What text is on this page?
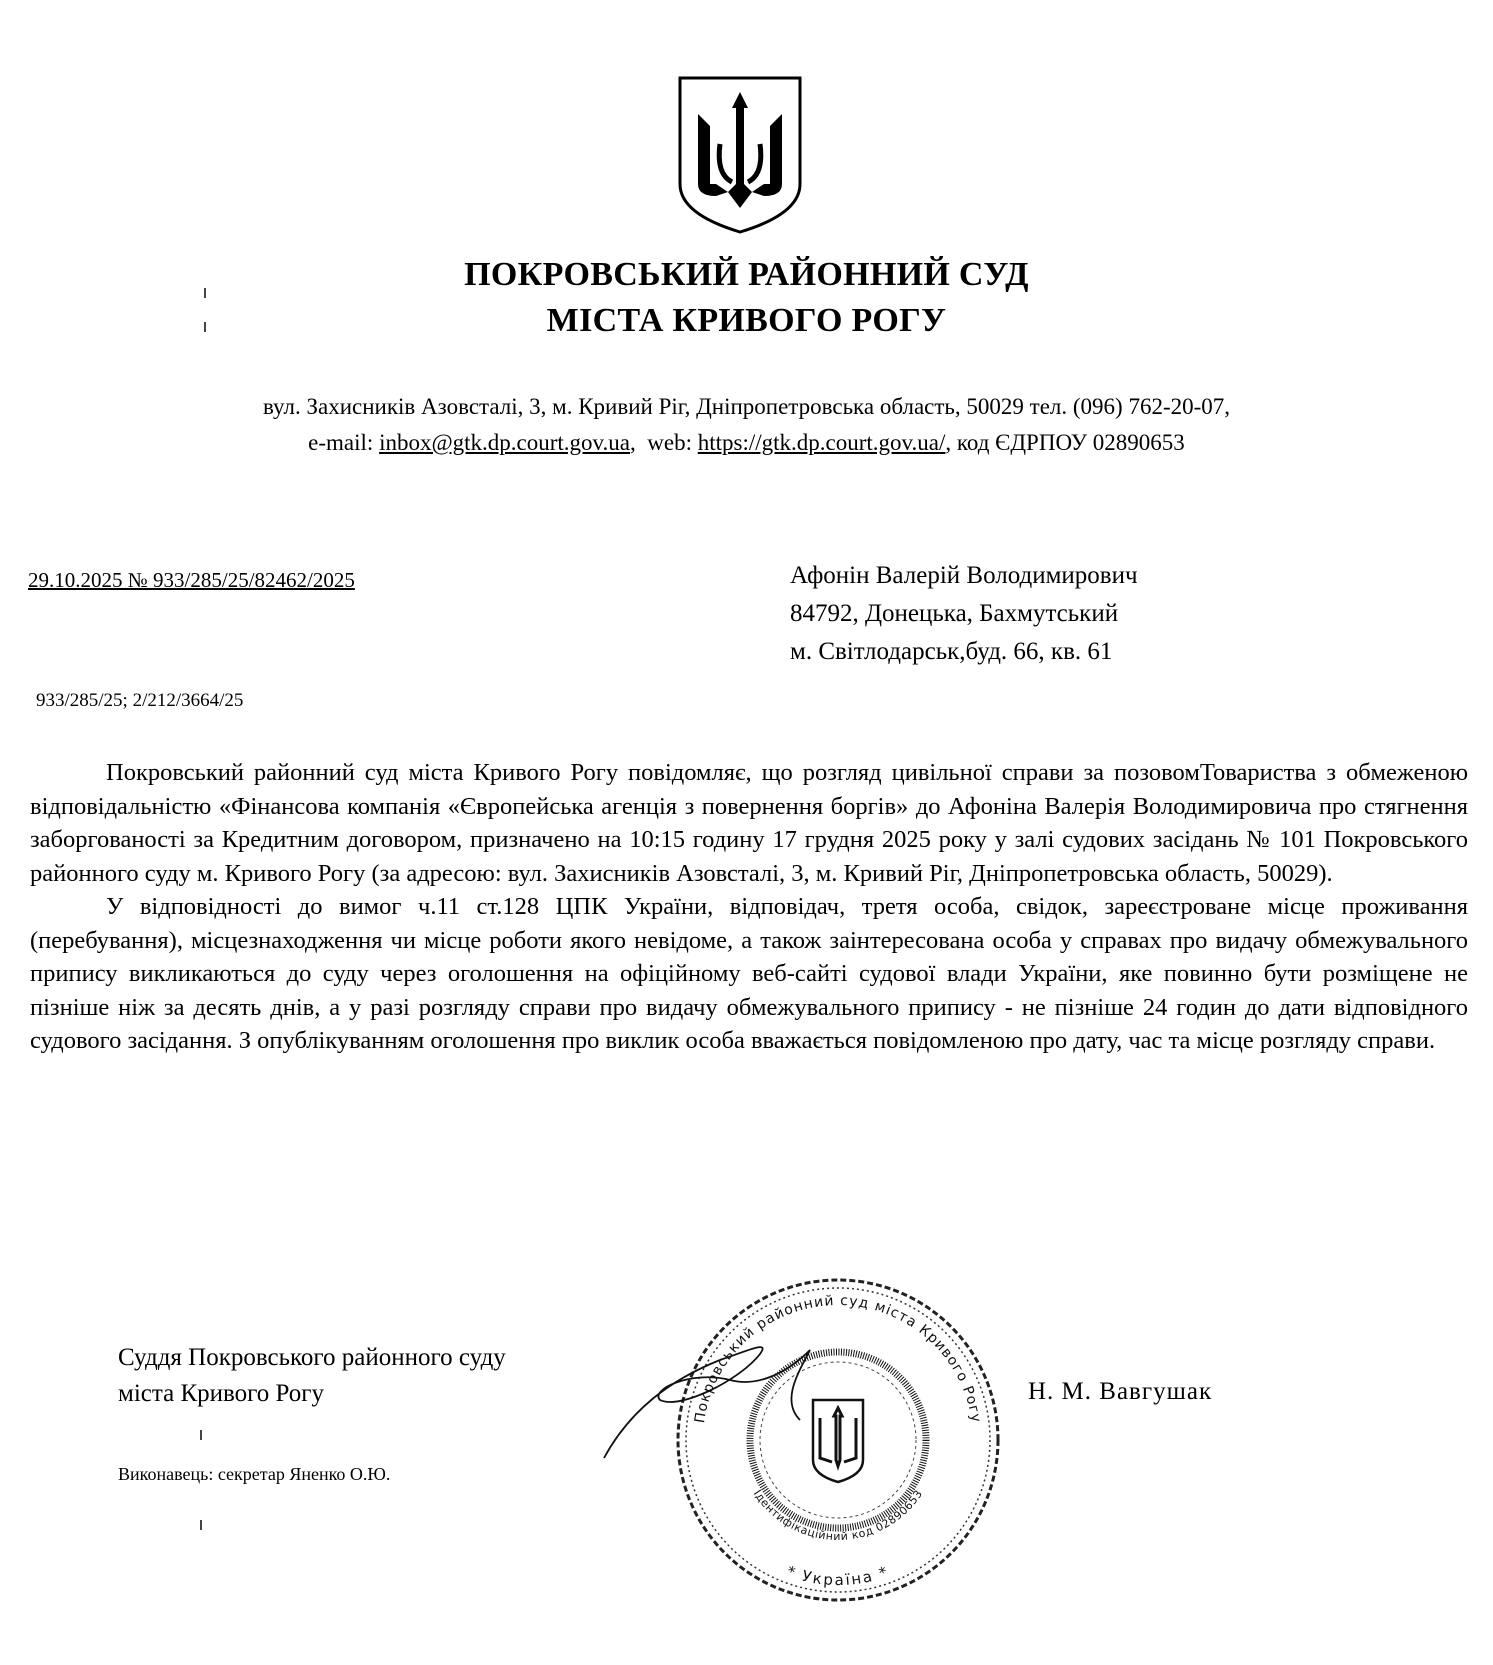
ПОКРОВСЬКИЙ РАЙОННИЙ СУД
МІСТА КРИВОГО РОГУ
вул. Захисників Азовсталі, 3, м. Кривий Ріг, Дніпропетровська область, 50029 тел. (096) 762-20-07,
e-mail: inbox@gtk.dp.court.gov.ua,  web: https://gtk.dp.court.gov.ua/, код ЄДРПОУ 02890653
29.10.2025 № 933/285/25/82462/2025	Афонін Валерій Володимирович
84792, Донецька, Бахмутський
м. Світлодарськ,буд. 66, кв. 61
933/285/25; 2/212/3664/25

Покровський районний суд міста Кривого Рогу повідомляє, що розгляд цивільної справи за позовомТовариства з обмеженою відповідальністю «Фінансова компанія «Європейська агенція з повернення боргів» до Афоніна Валерія Володимировича про стягнення заборгованості за Кредитним договором, призначено на 10:15 годину 17 грудня 2025 року у залі судових засідань № 101 Покровського районного суду м. Кривого Рогу (за адресою: вул. Захисників Азовсталі, 3, м. Кривий Ріг, Дніпропетровська область, 50029).

У відповідності до вимог ч.11 ст.128 ЦПК України, відповідач, третя особа, свідок, зареєстроване місце проживання (перебування), місцезнаходження чи місце роботи якого невідоме, а також заінтересована особа у справах про видачу обмежувального припису викликаються до суду через оголошення на офіційному веб-сайті судової влади України, яке повинно бути розміщене не пізніше ніж за десять днів, а у разі розгляду справи про видачу обмежувального припису - не пізніше 24 годин до дати відповідного судового засідання. З опублікуванням оголошення про виклик особа вважається повідомленою про дату, час та місце розгляду справи.

Суддя Покровського районного суду
міста Кривого Рогу
Виконавець: секретар Яненко О.Ю.
Н. М. Вавгушак
Покровський районний суд міста Кривого Рогу
Ідентифікаційний код 02890653
* Україна *
